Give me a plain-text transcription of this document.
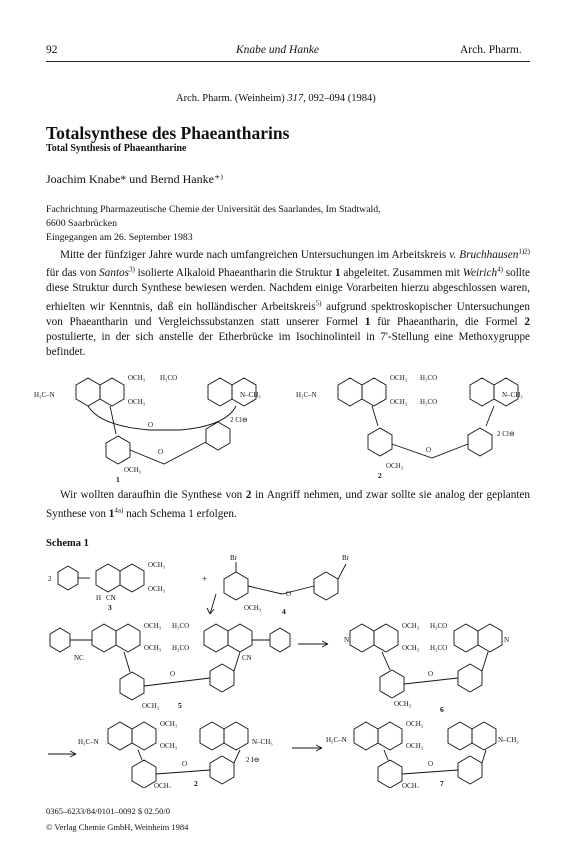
92	Knabe und Hanke	Arch. Pharm.
Arch. Pharm. (Weinheim) 317, 092–094 (1984)
Totalsynthese des Phaeantharins
Total Synthesis of Phaeantharine
Joachim Knabe* und Bernd Hanke⁺⁾
Fachrichtung Pharmazeutische Chemie der Universität des Saarlandes, Im Stadtwald,
6600 Saarbrücken
Eingegangen am 26. September 1983
Mitte der fünfziger Jahre wurde nach umfangreichen Untersuchungen im Arbeitskreis v. Bruchhausen$^{1)2)}$ für das von Santos$^{3)}$ isolierte Alkaloid Phaeantharin die Struktur 1 abgeleitet. Zusammen mit Weirich$^{4)}$ sollte diese Struktur durch Synthese bewiesen werden. Nachdem einige Vorarbeiten hierzu abgeschlossen waren, erhielten wir Kenntnis, daß ein holländischer Arbeitskreis$^{5)}$ aufgrund spektroskopischer Untersuchungen von Phaeantharin und Vergleichssubstanzen statt unserer Formel 1 für Phaeantharin, die Formel 2 postulierte, in der sich anstelle der Etherbrücke im Isochinolinteil in 7'-Stellung eine Methoxygruppe befindet.
H₃C–N
OCH₃
OCH₃
H₃CO
N–CH₃
2 Cl⊖
O
O
OCH₃
1
H₃C–N
OCH₃
OCH₃
H₃CO
H₃CO
N–CH₃
2 Cl⊖
O
OCH₃
2
Wir wollten daraufhin die Synthese von 2 in Angriff nehmen, und zwar sollte sie analog der geplanten Synthese von $1^{4a)}$ nach Schema 1 erfolgen.
Schema 1
2
OCH₃
OCH₃
H CN
3
+
Br
O
Br
OCH₃	4
OCH₃
OCH₃
H₃CO
H₃CO
NC	CN
O
OCH₃	5
N	N
OCH₃
OCH₃
H₃CO
H₃CO
O
OCH₃
6
H₃C–N
OCH₃
OCH₃	N–CH₃
2 I⊖
O
OCH₃	2
H₃C–N
OCH₃
OCH₃
N–CH₃
O
OCH₃	7
0365–6233/84/0101–0092 $ 02.50/0
© Verlag Chemie GmbH, Weinheim 1984
